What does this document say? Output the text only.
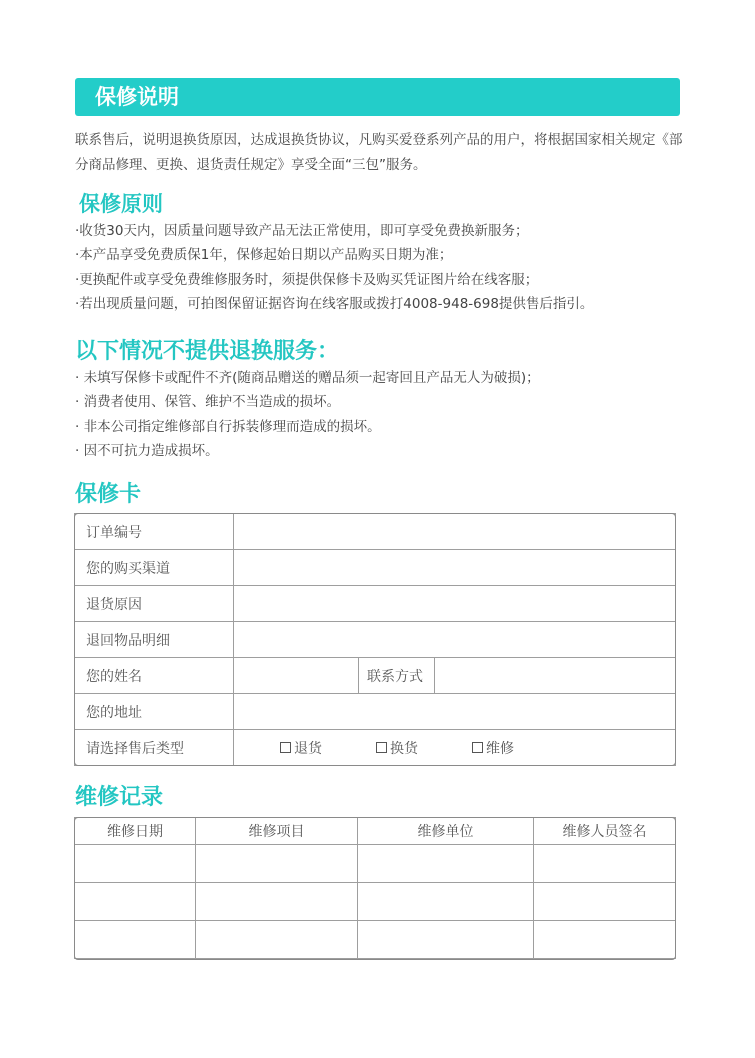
保修说明
联系售后，说明退换货原因，达成退换货协议，凡购买爱登系列产品的用户，将根据国家相关规定《部分商品修理、更换、退货责任规定》享受全面“三包”服务。
保修原则
·收货30天内，因质量问题导致产品无法正常使用，即可享受免费换新服务；
·本产品享受免费质保1年，保修起始日期以产品购买日期为准；
·更换配件或享受免费维修服务时，须提供保修卡及购买凭证图片给在线客服；
·若出现质量问题，可拍图保留证据咨询在线客服或拨打4008-948-698提供售后指引。
以下情况不提供退换服务：
· 未填写保修卡或配件不齐(随商品赠送的赠品须一起寄回且产品无人为破损)；
· 消费者使用、保管、维护不当造成的损坏。
· 非本公司指定维修部自行拆装修理而造成的损坏。
· 因不可抗力造成损坏。
保修卡
订单编号			
您的购买渠道			
退货原因			
退回物品明细			
您的姓名		联系方式	
您的地址			
请选择售后类型	退货 换货 维修		
维修记录
维修日期	维修项目	维修单位	维修人员签名
